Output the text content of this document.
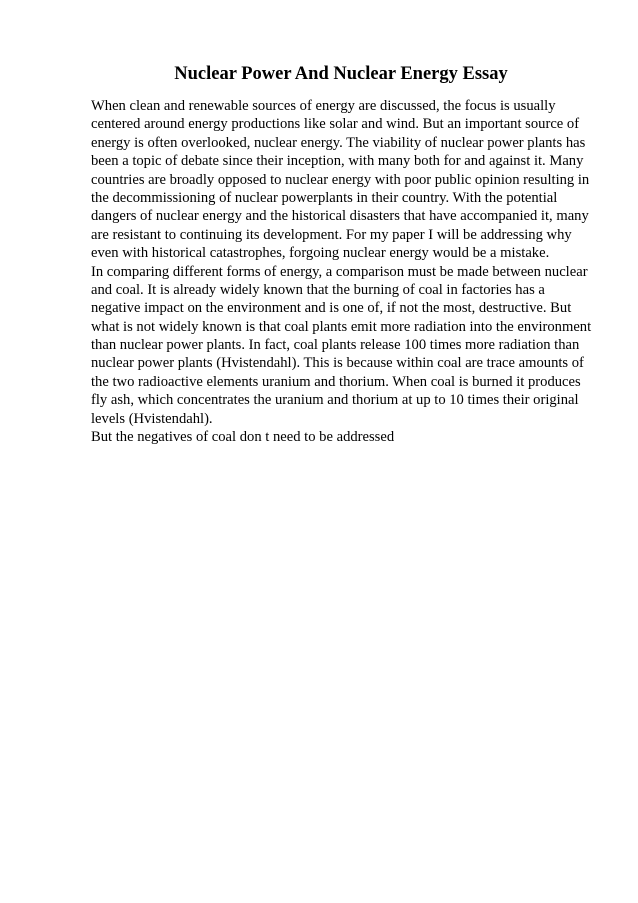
Nuclear Power And Nuclear Energy Essay
When clean and renewable sources of energy are discussed, the focus is usually
centered around energy productions like solar and wind. But an important source of
energy is often overlooked, nuclear energy. The viability of nuclear power plants has
been a topic of debate since their inception, with many both for and against it. Many
countries are broadly opposed to nuclear energy with poor public opinion resulting in
the decommissioning of nuclear powerplants in their country. With the potential
dangers of nuclear energy and the historical disasters that have accompanied it, many
are resistant to continuing its development. For my paper I will be addressing why
even with historical catastrophes, forgoing nuclear energy would be a mistake.
In comparing different forms of energy, a comparison must be made between nuclear
and coal. It is already widely known that the burning of coal in factories has a
negative impact on the environment and is one of, if not the most, destructive. But
what is not widely known is that coal plants emit more radiation into the environment
than nuclear power plants. In fact, coal plants release 100 times more radiation than
nuclear power plants (Hvistendahl). This is because within coal are trace amounts of
the two radioactive elements uranium and thorium. When coal is burned it produces
fly ash, which concentrates the uranium and thorium at up to 10 times their original
levels (Hvistendahl).
But the negatives of coal don t need to be addressed
